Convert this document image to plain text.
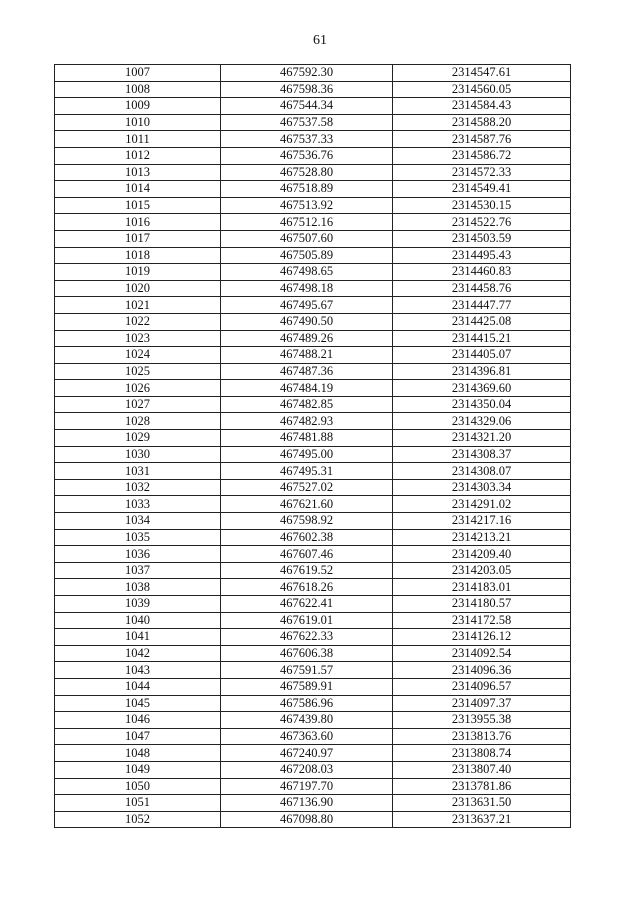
61
1007	467592.30	2314547.61
1008	467598.36	2314560.05
1009	467544.34	2314584.43
1010	467537.58	2314588.20
1011	467537.33	2314587.76
1012	467536.76	2314586.72
1013	467528.80	2314572.33
1014	467518.89	2314549.41
1015	467513.92	2314530.15
1016	467512.16	2314522.76
1017	467507.60	2314503.59
1018	467505.89	2314495.43
1019	467498.65	2314460.83
1020	467498.18	2314458.76
1021	467495.67	2314447.77
1022	467490.50	2314425.08
1023	467489.26	2314415.21
1024	467488.21	2314405.07
1025	467487.36	2314396.81
1026	467484.19	2314369.60
1027	467482.85	2314350.04
1028	467482.93	2314329.06
1029	467481.88	2314321.20
1030	467495.00	2314308.37
1031	467495.31	2314308.07
1032	467527.02	2314303.34
1033	467621.60	2314291.02
1034	467598.92	2314217.16
1035	467602.38	2314213.21
1036	467607.46	2314209.40
1037	467619.52	2314203.05
1038	467618.26	2314183.01
1039	467622.41	2314180.57
1040	467619.01	2314172.58
1041	467622.33	2314126.12
1042	467606.38	2314092.54
1043	467591.57	2314096.36
1044	467589.91	2314096.57
1045	467586.96	2314097.37
1046	467439.80	2313955.38
1047	467363.60	2313813.76
1048	467240.97	2313808.74
1049	467208.03	2313807.40
1050	467197.70	2313781.86
1051	467136.90	2313631.50
1052	467098.80	2313637.21
